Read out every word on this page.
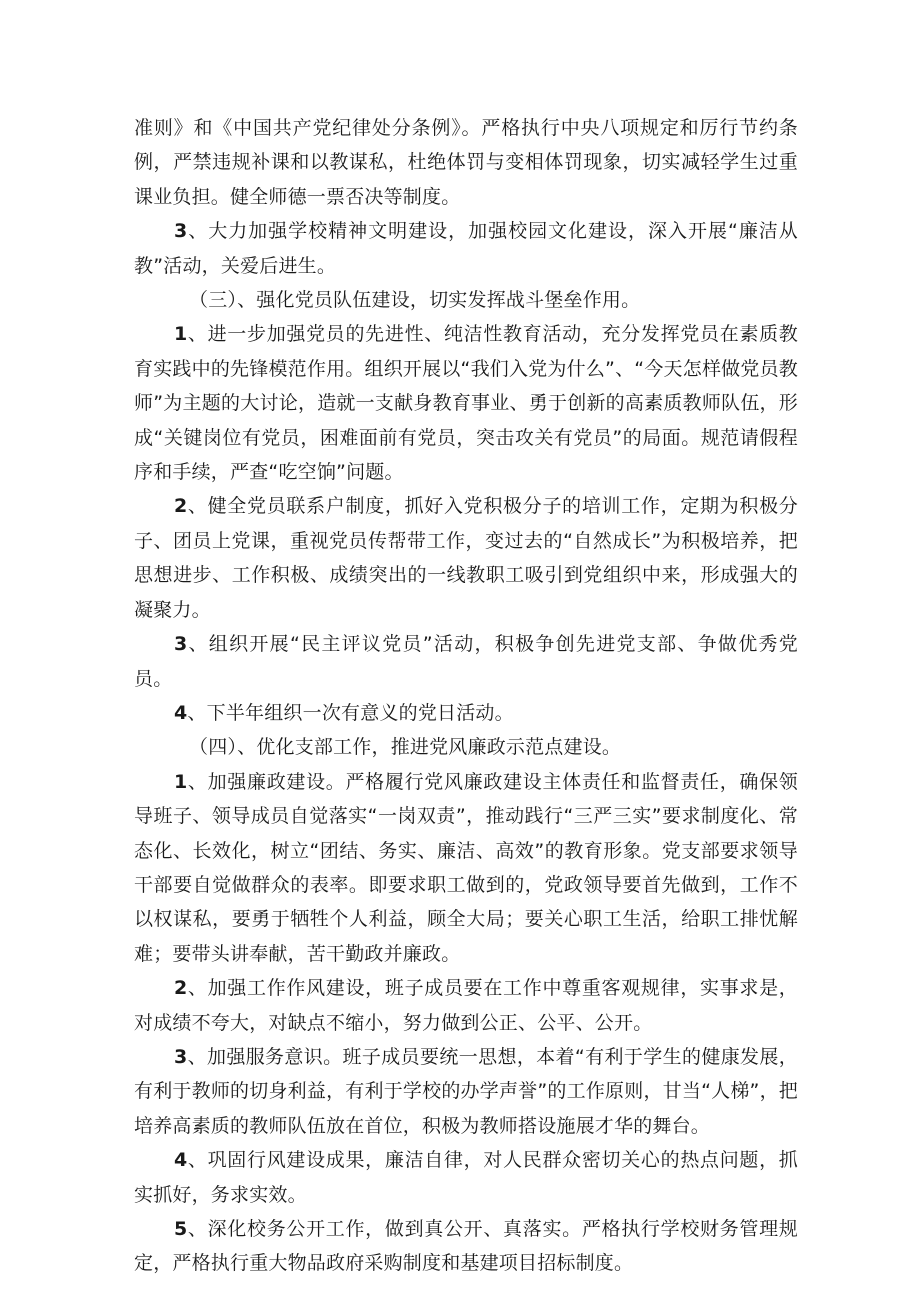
准则》和《中国共产党纪律处分条例》。严格执行中央八项规定和厉行节约条例，严禁违规补课和以教谋私，杜绝体罚与变相体罚现象，切实减轻学生过重课业负担。健全师德一票否决等制度。

3、大力加强学校精神文明建设，加强校园文化建设，深入开展“廉洁从教”活动，关爱后进生。

（三）、强化党员队伍建设，切实发挥战斗堡垒作用。

1、进一步加强党员的先进性、纯洁性教育活动，充分发挥党员在素质教育实践中的先锋模范作用。组织开展以“我们入党为什么”、“今天怎样做党员教师”为主题的大讨论，造就一支献身教育事业、勇于创新的高素质教师队伍，形成“关键岗位有党员，困难面前有党员，突击攻关有党员”的局面。规范请假程序和手续，严查“吃空饷”问题。

2、健全党员联系户制度，抓好入党积极分子的培训工作，定期为积极分子、团员上党课，重视党员传帮带工作，变过去的“自然成长”为积极培养，把思想进步、工作积极、成绩突出的一线教职工吸引到党组织中来，形成强大的凝聚力。

3、组织开展“民主评议党员”活动，积极争创先进党支部、争做优秀党员。

4、下半年组织一次有意义的党日活动。

（四）、优化支部工作，推进党风廉政示范点建设。

1、加强廉政建设。严格履行党风廉政建设主体责任和监督责任，确保领导班子、领导成员自觉落实“一岗双责”，推动践行“三严三实”要求制度化、常态化、长效化，树立“团结、务实、廉洁、高效”的教育形象。党支部要求领导干部要自觉做群众的表率。即要求职工做到的，党政领导要首先做到，工作不以权谋私，要勇于牺牲个人利益，顾全大局；要关心职工生活，给职工排忧解难；要带头讲奉献，苦干勤政并廉政。

2、加强工作作风建设，班子成员要在工作中尊重客观规律，实事求是，对成绩不夸大，对缺点不缩小，努力做到公正、公平、公开。

3、加强服务意识。班子成员要统一思想，本着“有利于学生的健康发展，有利于教师的切身利益，有利于学校的办学声誉”的工作原则，甘当“人梯”，把培养高素质的教师队伍放在首位，积极为教师搭设施展才华的舞台。

4、巩固行风建设成果，廉洁自律，对人民群众密切关心的热点问题，抓实抓好，务求实效。

5、深化校务公开工作，做到真公开、真落实。严格执行学校财务管理规定，严格执行重大物品政府采购制度和基建项目招标制度。
